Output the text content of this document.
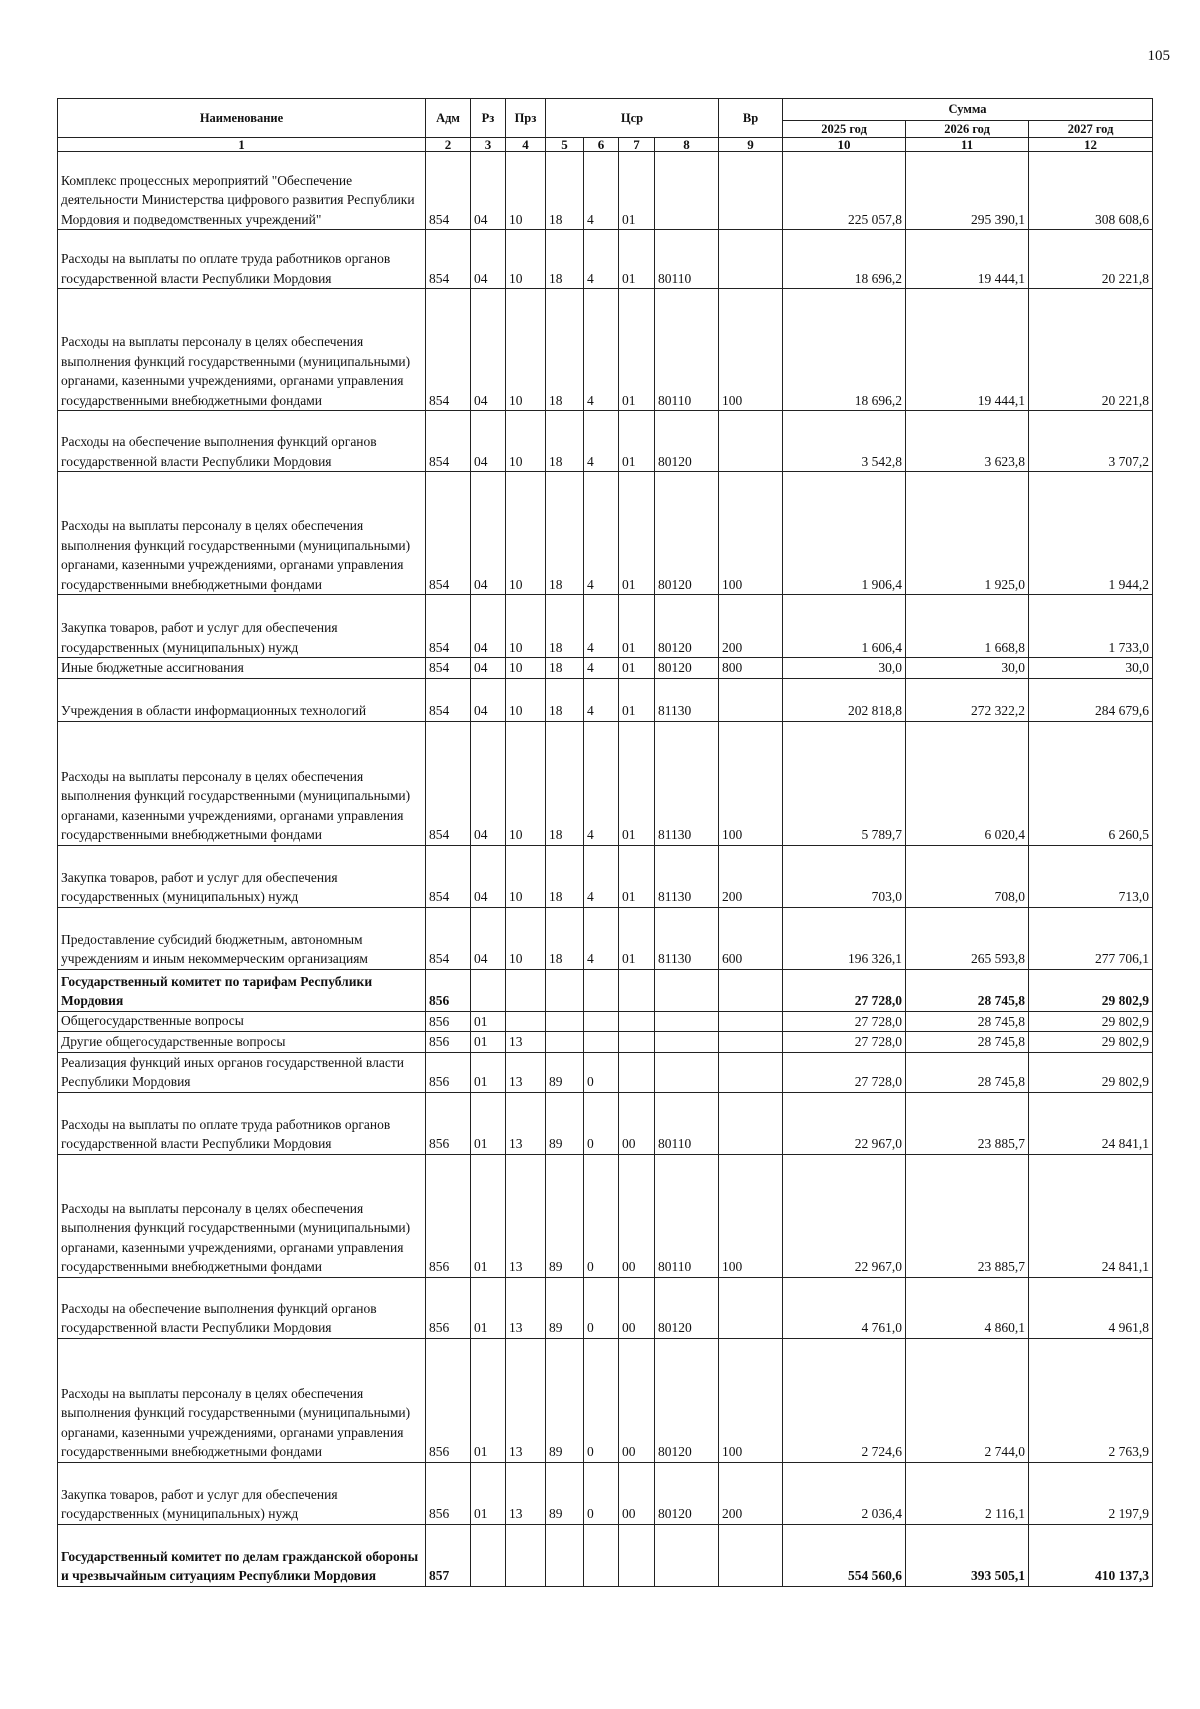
105
Наименование	Адм	Рз	Прз	Цср				Вр	Сумма		
									2025 год	2026 год	2027 год
1	2	3	4	5	6	7	8	9	10	11	12

Комплекс процессных мероприятий "Обеспечение деятельности Министерства цифрового развития Республики Мордовия и подведомственных учреждений"	854	04	10	18	4	01			225 057,8	295 390,1	308 608,6

Расходы на выплаты по оплате труда работников органов государственной власти Республики Мордовия	854	04	10	18	4	01	80110		18 696,2	19 444,1	20 221,8

Расходы на выплаты персоналу в целях обеспечения выполнения функций государственными (муниципальными) органами, казенными учреждениями, органами управления государственными внебюджетными фондами	854	04	10	18	4	01	80110	100	18 696,2	19 444,1	20 221,8

Расходы на обеспечение выполнения функций органов государственной власти Республики Мордовия	854	04	10	18	4	01	80120		3 542,8	3 623,8	3 707,2

Расходы на выплаты персоналу в целях обеспечения выполнения функций государственными (муниципальными) органами, казенными учреждениями, органами управления государственными внебюджетными фондами	854	04	10	18	4	01	80120	100	1 906,4	1 925,0	1 944,2

Закупка товаров, работ и услуг для обеспечения государственных (муниципальных) нужд	854	04	10	18	4	01	80120	200	1 606,4	1 668,8	1 733,0

Иные бюджетные ассигнования	854	04	10	18	4	01	80120	800	30,0	30,0	30,0

Учреждения в области информационных технологий	854	04	10	18	4	01	81130		202 818,8	272 322,2	284 679,6

Расходы на выплаты персоналу в целях обеспечения выполнения функций государственными (муниципальными) органами, казенными учреждениями, органами управления государственными внебюджетными фондами	854	04	10	18	4	01	81130	100	5 789,7	6 020,4	6 260,5

Закупка товаров, работ и услуг для обеспечения государственных (муниципальных) нужд	854	04	10	18	4	01	81130	200	703,0	708,0	713,0

Предоставление субсидий бюджетным, автономным учреждениям и иным некоммерческим организациям	854	04	10	18	4	01	81130	600	196 326,1	265 593,8	277 706,1

Государственный комитет по тарифам Республики Мордовия	856								27 728,0	28 745,8	29 802,9

Общегосударственные вопросы	856	01							27 728,0	28 745,8	29 802,9

Другие общегосударственные вопросы	856	01	13						27 728,0	28 745,8	29 802,9

Реализация функций иных органов государственной власти Республики Мордовия	856	01	13	89	0				27 728,0	28 745,8	29 802,9

Расходы на выплаты по оплате труда работников органов государственной власти Республики Мордовия	856	01	13	89	0	00	80110		22 967,0	23 885,7	24 841,1

Расходы на выплаты персоналу в целях обеспечения выполнения функций государственными (муниципальными) органами, казенными учреждениями, органами управления государственными внебюджетными фондами	856	01	13	89	0	00	80110	100	22 967,0	23 885,7	24 841,1

Расходы на обеспечение выполнения функций органов государственной власти Республики Мордовия	856	01	13	89	0	00	80120		4 761,0	4 860,1	4 961,8

Расходы на выплаты персоналу в целях обеспечения выполнения функций государственными (муниципальными) органами, казенными учреждениями, органами управления государственными внебюджетными фондами	856	01	13	89	0	00	80120	100	2 724,6	2 744,0	2 763,9

Закупка товаров, работ и услуг для обеспечения государственных (муниципальных) нужд	856	01	13	89	0	00	80120	200	2 036,4	2 116,1	2 197,9

Государственный комитет по делам гражданской обороны и чрезвычайным ситуациям Республики Мордовия	857								554 560,6	393 505,1	410 137,3
